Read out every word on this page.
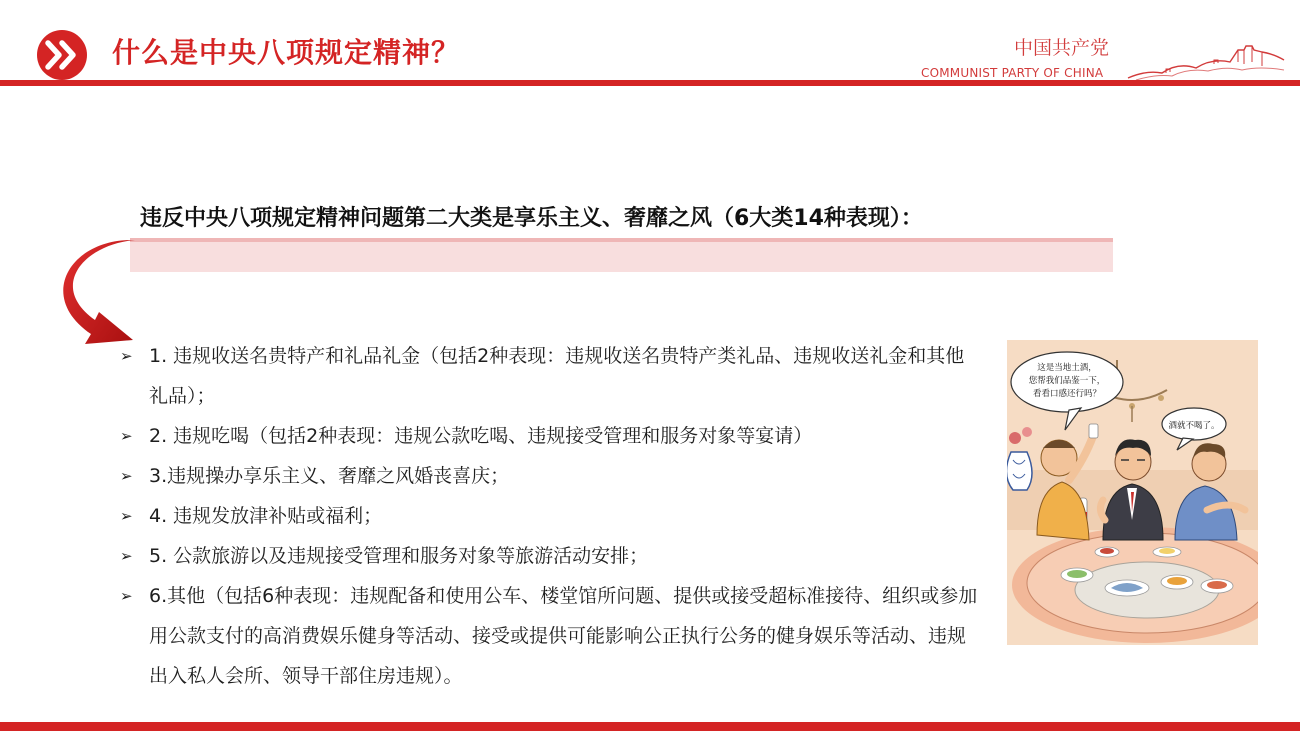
什么是中央八项规定精神？	中国共产党
COMMUNIST PARTY OF CHINA
违反中央八项规定精神问题第二大类是享乐主义、奢靡之风（6大类14种表现）：
➢ 1. 违规收送名贵特产和礼品礼金（包括2种表现：违规收送名贵特产类礼品、违规收送礼金和其他礼品）；
➢ 2. 违规吃喝（包括2种表现：违规公款吃喝、违规接受管理和服务对象等宴请）
➢ 3.违规操办享乐主义、奢靡之风婚丧喜庆；
➢ 4. 违规发放津补贴或福利；
➢ 5. 公款旅游以及违规接受管理和服务对象等旅游活动安排；
➢ 6.其他（包括6种表现：违规配备和使用公车、楼堂馆所问题、提供或接受超标准接待、组织或参加用公款支付的高消费娱乐健身等活动、接受或提供可能影响公正执行公务的健身娱乐等活动、违规出入私人会所、领导干部住房违规）。
这是当地土酒，
您帮我们品鉴一下，
看看口感还行吗？
酒就不喝了。
